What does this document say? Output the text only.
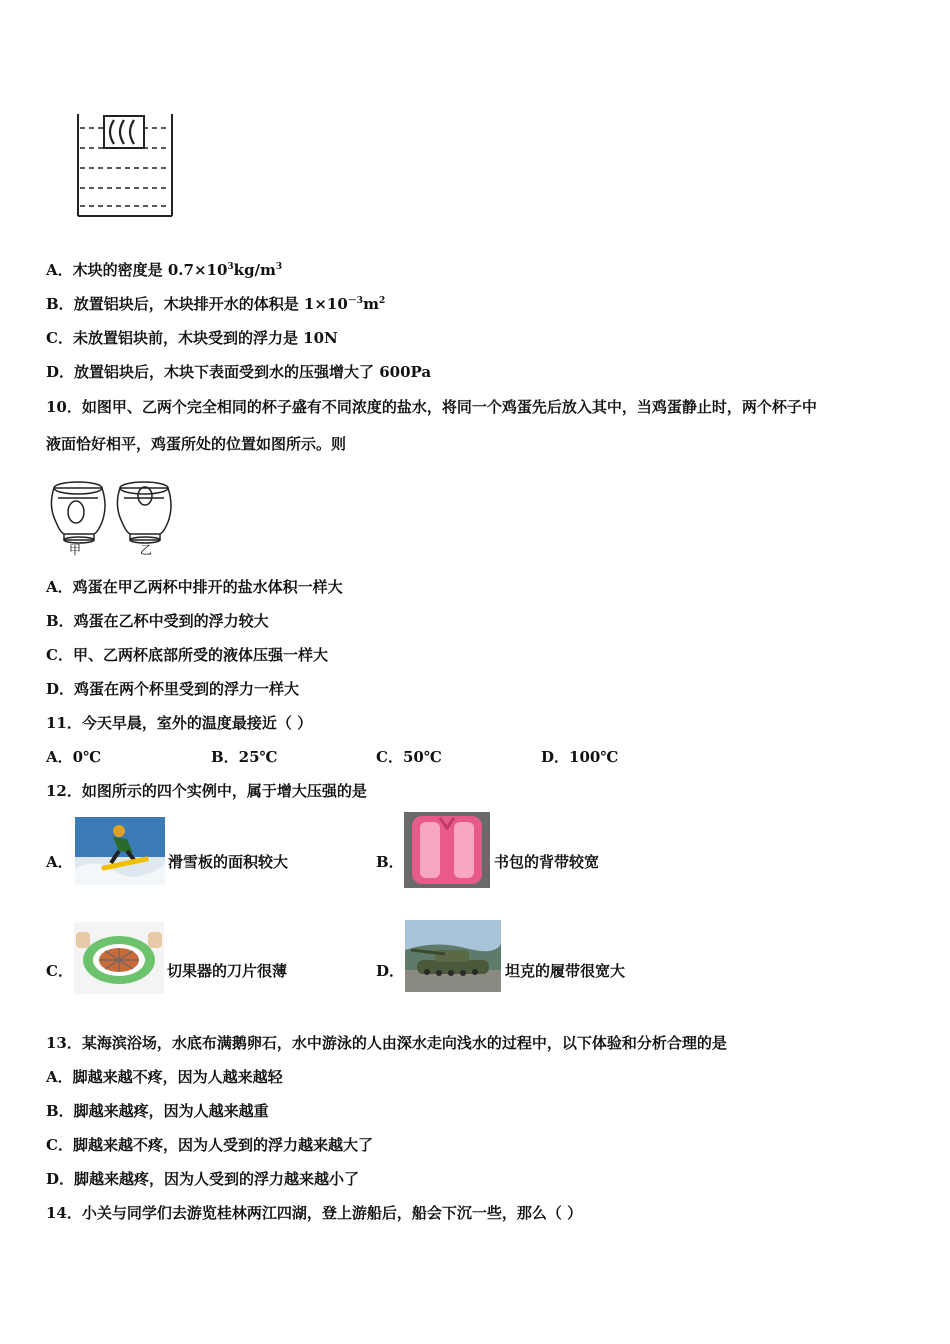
A．木块的密度是 $0.7\times 10^3kg/m^3$
B．放置铝块后，木块排开水的体积是 $1\times 10^{-3}m^2$
C．未放置铝块前，木块受到的浮力是 10N
D．放置铝块后，木块下表面受到水的压强增大了 600Pa
10．如图甲、乙两个完全相同的杯子盛有不同浓度的盐水，将同一个鸡蛋先后放入其中，当鸡蛋静止时，两个杯子中
液面恰好相平，鸡蛋所处的位置如图所示。则
甲	乙
A．鸡蛋在甲乙两杯中排开的盐水体积一样大
B．鸡蛋在乙杯中受到的浮力较大
C．甲、乙两杯底部所受的液体压强一样大
D．鸡蛋在两个杯里受到的浮力一样大
11．今天早晨，室外的温度最接近（ ）
A．0℃	B．25℃	C．50℃	D．100℃
12．如图所示的四个实例中，属于增大压强的是
A．	滑雪板的面积较大	B．	书包的背带较宽
C．	切果器的刀片很薄	D．	坦克的履带很宽大
13．某海滨浴场，水底布满鹅卵石，水中游泳的人由深水走向浅水的过程中，以下体验和分析合理的是
A．脚越来越不疼，因为人越来越轻
B．脚越来越疼，因为人越来越重
C．脚越来越不疼，因为人受到的浮力越来越大了
D．脚越来越疼，因为人受到的浮力越来越小了
14．小关与同学们去游览桂林两江四湖，登上游船后，船会下沉一些，那么（ ）
